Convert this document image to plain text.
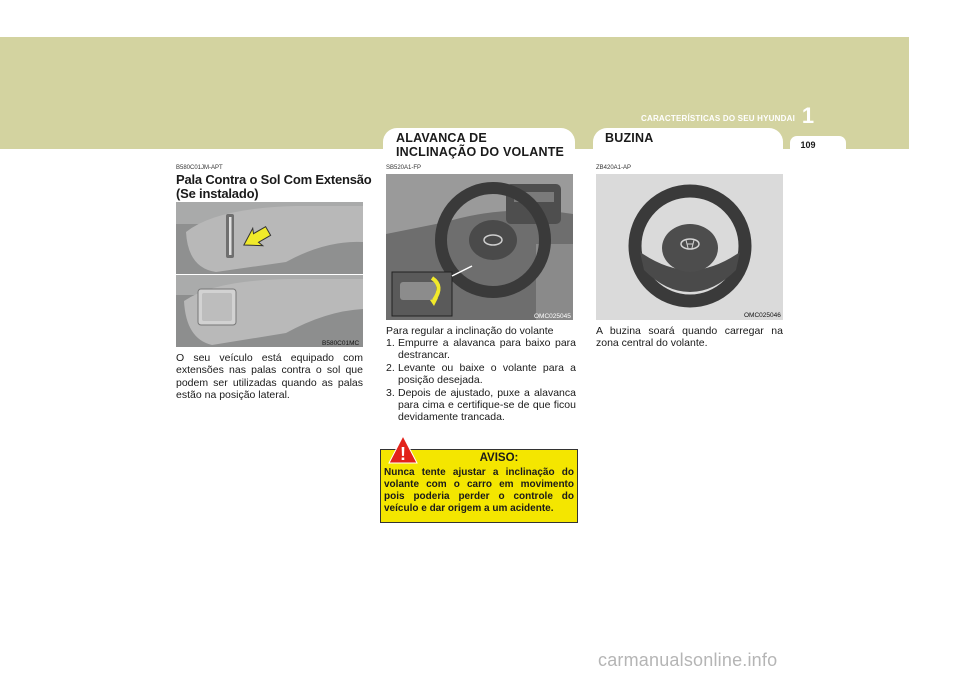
CARACTERÍSTICAS DO SEU HYUNDAI 1
109
ALAVANCA DE
INCLINAÇÃO DO VOLANTE
BUZINA
B580C01JM-APT
Pala Contra o Sol Com Extensão
(Se instalado)
B580C01MC
O seu veículo está equipado com extensões nas palas contra o sol que podem ser utilizadas quando as palas estão na posição lateral.
SB520A1-FP
OMC025045
Para regular a inclinação do volante
1. Empurre a alavanca para baixo para destrancar.
2. Levante ou baixe o volante para a posição desejada.
3. Depois de ajustado, puxe a alavanca para cima e certifique-se de que ficou devidamente trancada.
!	AVISO:
Nunca tente ajustar a inclinação do volante com o carro em movimento pois poderia perder o controle do veículo e dar origem a um acidente.
ZB420A1-AP
OMC025046
A buzina soará quando carregar na zona central do volante.
carmanualsonline.info
